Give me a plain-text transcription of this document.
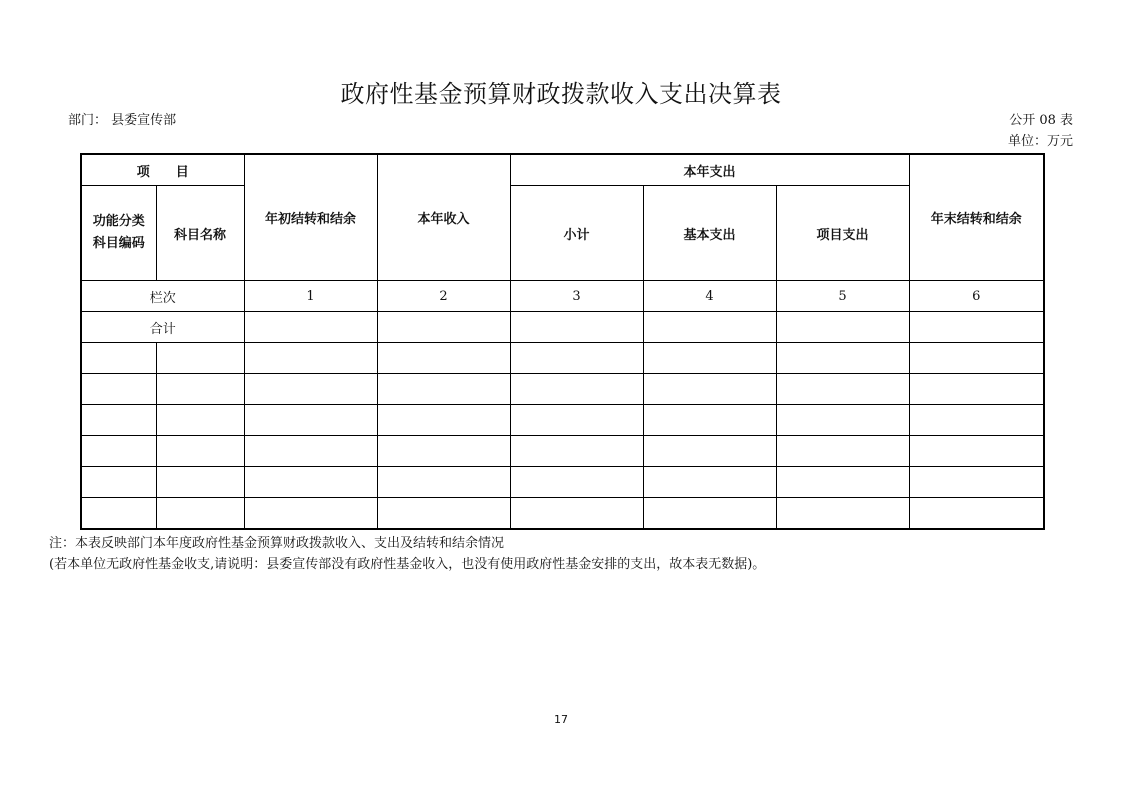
政府性基金预算财政拨款收入支出决算表
部门： 县委宣传部	公开 08 表
单位：万元
项　　目		年初结转和结余	本年收入	本年支出			年末结转和结余
功能分类
科目编码	科目名称			小计	基本支出	项目支出	
栏次		1	2	3	4	5	6
合计							

注：本表反映部门本年度政府性基金预算财政拨款收入、支出及结转和结余情况
(若本单位无政府性基金收支,请说明：县委宣传部没有政府性基金收入，也没有使用政府性基金安排的支出，故本表无数据)。
17
